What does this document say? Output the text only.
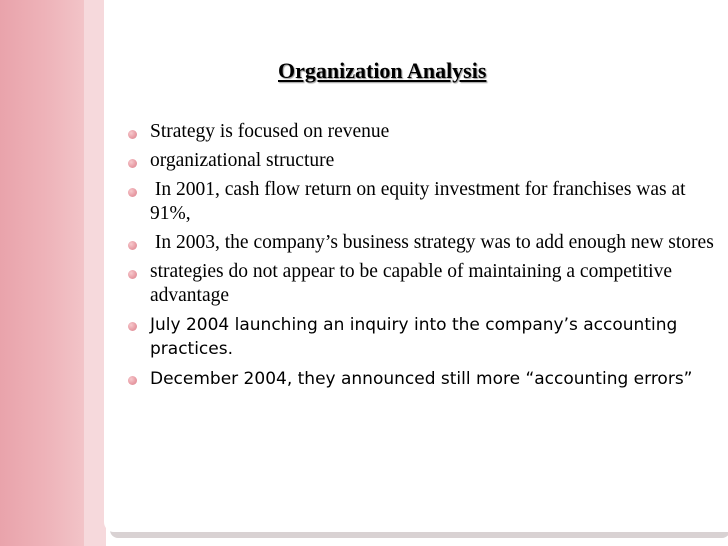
Organization Analysis
Strategy is focused on revenue
organizational structure
In 2001, cash flow return on equity investment for franchises was at 91%,
In 2003, the company’s business strategy was to add enough new stores
strategies do not appear to be capable of maintaining a competitive advantage
July 2004 launching an inquiry into the company’s accounting practices.
December 2004, they announced still more “accounting errors”
